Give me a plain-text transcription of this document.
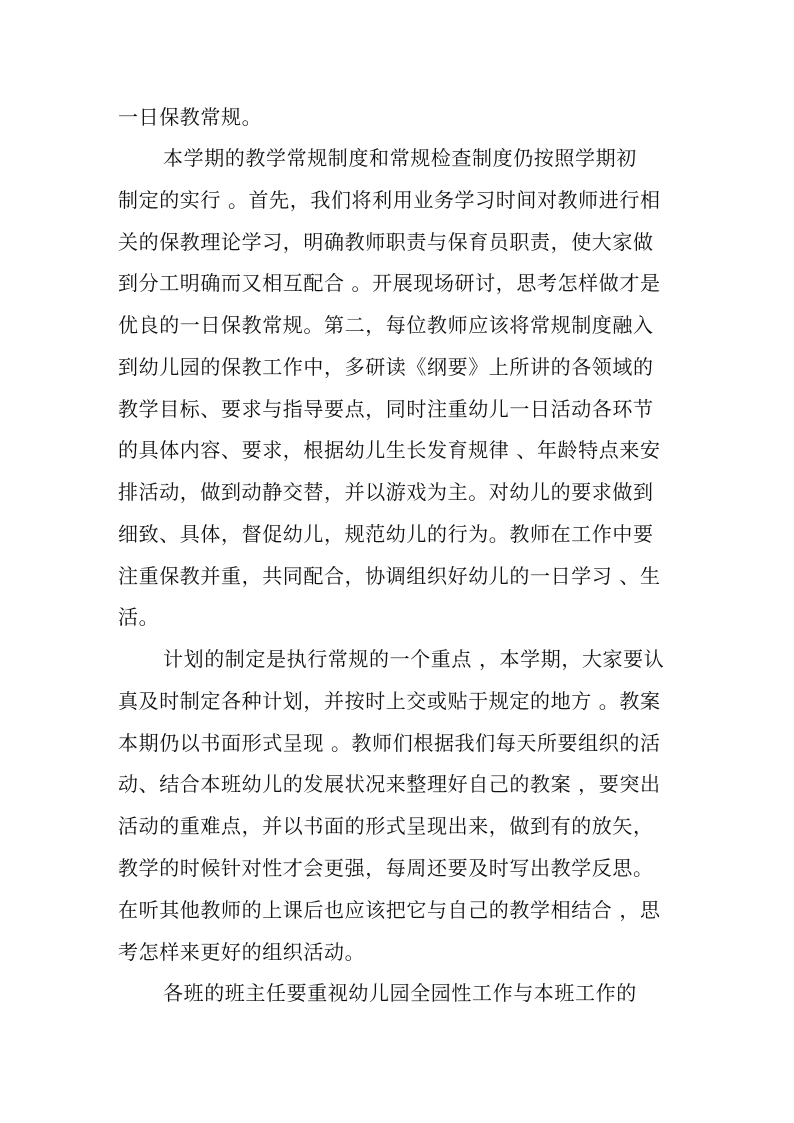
一日保教常规。
本学期的教学常规制度和常规检查制度仍按照学期初
制定的实行 。首先，我们将利用业务学习时间对教师进行相
关的保教理论学习，明确教师职责与保育员职责，使大家做
到分工明确而又相互配合 。开展现场研讨，思考怎样做才是
优良的一日保教常规。第二，每位教师应该将常规制度融入
到幼儿园的保教工作中，多研读《纲要》上所讲的各领域的
教学目标、要求与指导要点，同时注重幼儿一日活动各环节
的具体内容、要求，根据幼儿生长发育规律 、年龄特点来安
排活动，做到动静交替，并以游戏为主。对幼儿的要求做到
细致、具体，督促幼儿，规范幼儿的行为。教师在工作中要
注重保教并重，共同配合，协调组织好幼儿的一日学习 、生
活。
计划的制定是执行常规的一个重点 ，本学期，大家要认
真及时制定各种计划，并按时上交或贴于规定的地方 。教案
本期仍以书面形式呈现 。教师们根据我们每天所要组织的活
动、结合本班幼儿的发展状况来整理好自己的教案 ，要突出
活动的重难点，并以书面的形式呈现出来，做到有的放矢，
教学的时候针对性才会更强，每周还要及时写出教学反思。
在听其他教师的上课后也应该把它与自己的教学相结合 ，思
考怎样来更好的组织活动。
各班的班主任要重视幼儿园全园性工作与本班工作的
